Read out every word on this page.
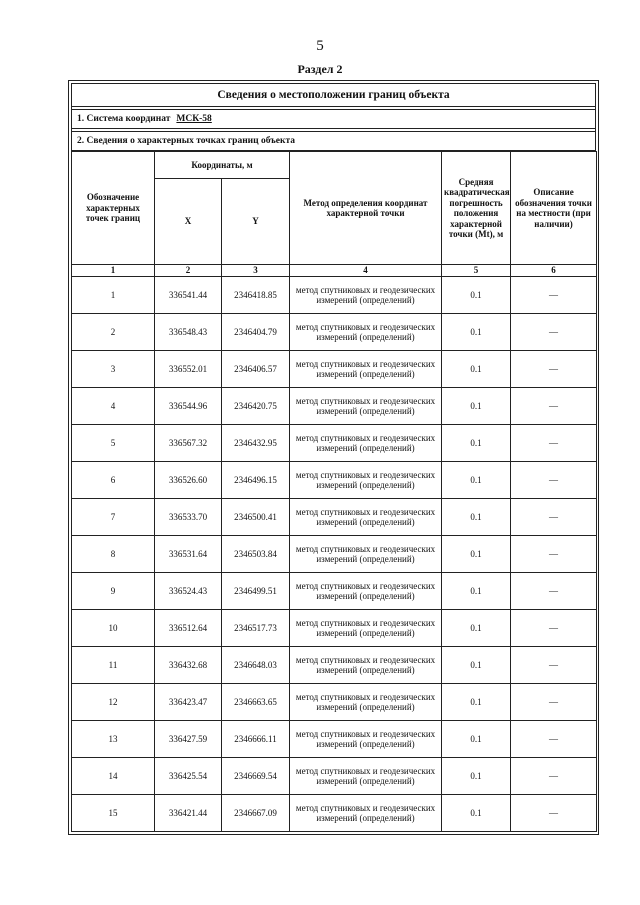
5
Раздел 2
Сведения о местоположении границ объекта
1. Система координат МСК-58
2. Сведения о характерных точках границ объекта
Обозначение характерных точек границ	Координаты, м		Метод определения координат характерной точки	Средняя квадратическая погрешность положения характерной точки (Mt), м	Описание обозначения точки на местности (при наличии)
	X	Y			
1	2	3	4	5	6
1	336541.44	2346418.85	метод спутниковых и геодезических измерений (определений)	0.1	—
2	336548.43	2346404.79	метод спутниковых и геодезических измерений (определений)	0.1	—
3	336552.01	2346406.57	метод спутниковых и геодезических измерений (определений)	0.1	—
4	336544.96	2346420.75	метод спутниковых и геодезических измерений (определений)	0.1	—
5	336567.32	2346432.95	метод спутниковых и геодезических измерений (определений)	0.1	—
6	336526.60	2346496.15	метод спутниковых и геодезических измерений (определений)	0.1	—
7	336533.70	2346500.41	метод спутниковых и геодезических измерений (определений)	0.1	—
8	336531.64	2346503.84	метод спутниковых и геодезических измерений (определений)	0.1	—
9	336524.43	2346499.51	метод спутниковых и геодезических измерений (определений)	0.1	—
10	336512.64	2346517.73	метод спутниковых и геодезических измерений (определений)	0.1	—
11	336432.68	2346648.03	метод спутниковых и геодезических измерений (определений)	0.1	—
12	336423.47	2346663.65	метод спутниковых и геодезических измерений (определений)	0.1	—
13	336427.59	2346666.11	метод спутниковых и геодезических измерений (определений)	0.1	—
14	336425.54	2346669.54	метод спутниковых и геодезических измерений (определений)	0.1	—
15	336421.44	2346667.09	метод спутниковых и геодезических измерений (определений)	0.1	—
